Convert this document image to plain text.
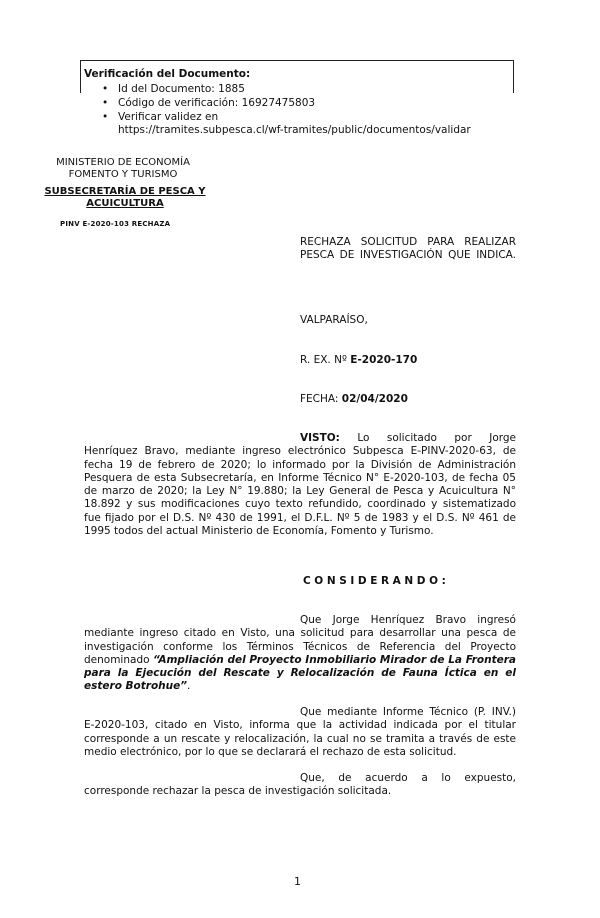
Verificación del Documento:
• Id del Documento: 1885
• Código de verificación: 16927475803
• Verificar validez en
https://tramites.subpesca.cl/wf-tramites/public/documentos/validar
MINISTERIO DE ECONOMÍA
FOMENTO Y TURISMO
SUBSECRETARÍA DE PESCA Y
ACUICULTURA
PINV E-2020-103 RECHAZA
RECHAZA SOLICITUD PARA REALIZAR PESCA DE INVESTIGACIÓN QUE INDICA.
VALPARAÍSO,
R. EX. Nº E-2020-170
FECHA: 02/04/2020
VISTO: Lo solicitado por Jorge Henríquez Bravo, mediante ingreso electrónico Subpesca E-PINV-2020-63, de fecha 19 de febrero de 2020; lo informado por la División de Administración Pesquera de esta Subsecretaría, en Informe Técnico N° E-2020-103, de fecha 05 de marzo de 2020; la Ley N° 19.880; la Ley General de Pesca y Acuicultura N° 18.892 y sus modificaciones cuyo texto refundido, coordinado y sistematizado fue fijado por el D.S. Nº 430 de 1991, el D.F.L. Nº 5 de 1983 y el D.S. Nº 461 de 1995 todos del actual Ministerio de Economía, Fomento y Turismo.
CONSIDERANDO:
Que Jorge Henríquez Bravo ingresó mediante ingreso citado en Visto, una solicitud para desarrollar una pesca de investigación conforme los Términos Técnicos de Referencia del Proyecto denominado “Ampliación del Proyecto Inmobiliario Mirador de La Frontera para la Ejecución del Rescate y Relocalización de Fauna Íctica en el estero Botrohue”.
Que mediante Informe Técnico (P. INV.) E-2020-103, citado en Visto, informa que la actividad indicada por el titular corresponde a un rescate y relocalización, la cual no se tramita a través de este medio electrónico, por lo que se declarará el rechazo de esta solicitud.
Que, de acuerdo a lo expuesto, corresponde rechazar la pesca de investigación solicitada.
1
